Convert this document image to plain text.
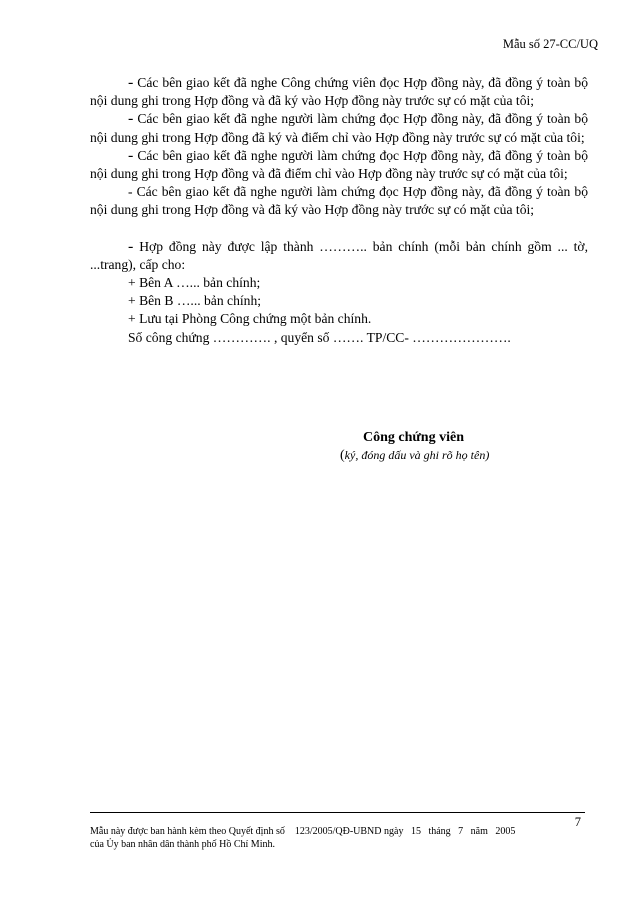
Mẫu số 27-CC/UQ

- Các bên giao kết đã nghe Công chứng viên đọc Hợp đồng này, đã đồng ý toàn bộ nội dung ghi trong Hợp đồng và đã ký vào Hợp đồng này trước sự có mặt của tôi;

- Các bên giao kết đã nghe người làm chứng đọc Hợp đồng này, đã đồng ý toàn bộ nội dung ghi trong Hợp đồng đã ký và điểm chỉ vào Hợp đồng này trước sự có mặt của tôi;

- Các bên giao kết đã nghe người làm chứng đọc Hợp đồng này, đã đồng ý toàn bộ nội dung ghi trong Hợp đồng và đã điểm chỉ vào Hợp đồng này trước sự có mặt của tôi;

- Các bên giao kết đã nghe người làm chứng đọc Hợp đồng này, đã đồng ý toàn bộ nội dung ghi trong Hợp đồng và đã ký vào Hợp đồng này trước sự có mặt của tôi;

- Hợp đồng này được lập thành ……….. bản chính (mỗi bản chính gồm ... tờ, ...trang), cấp cho:

+ Bên A …... bản chính;

+ Bên B …... bản chính;

+ Lưu tại Phòng Công chứng một bản chính.

Số công chứng …………. , quyển số ……. TP/CC- ………………….

Công chứng viên
(ký, đóng dấu và ghi rõ họ tên)
7
Mẫu này được ban hành kèm theo Quyết định số    123/2005/QĐ-UBND ngày   15   tháng   7   năm   2005
của Ủy ban nhân dân thành phố Hồ Chí Minh.
